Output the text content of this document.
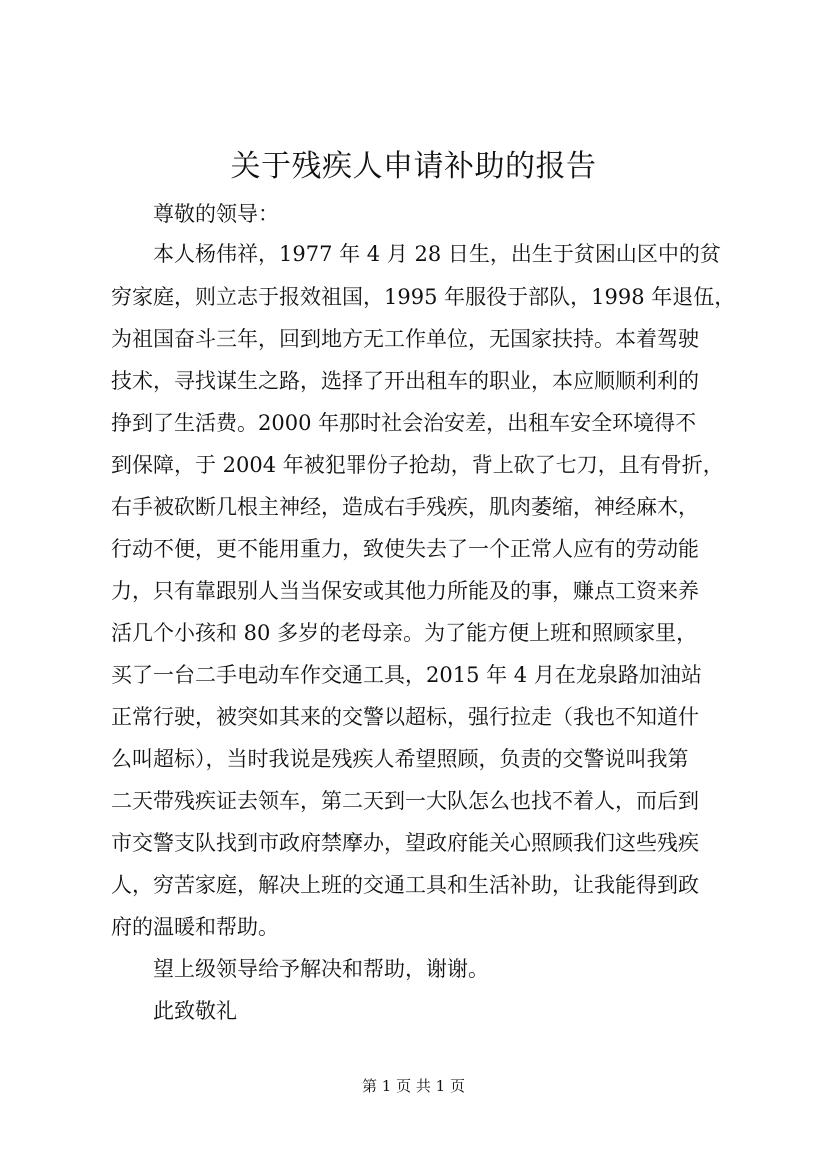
关于残疾人申请补助的报告
尊敬的领导：
本人杨伟祥，1977 年 4 月 28 日生，出生于贫困山区中的贫
穷家庭，则立志于报效祖国，1995 年服役于部队，1998 年退伍，
为祖国奋斗三年，回到地方无工作单位，无国家扶持。本着驾驶
技术，寻找谋生之路，选择了开出租车的职业，本应顺顺利利的
挣到了生活费。2000 年那时社会治安差，出租车安全环境得不
到保障，于 2004 年被犯罪份子抢劫，背上砍了七刀，且有骨折，
右手被砍断几根主神经，造成右手残疾，肌肉萎缩，神经麻木，
行动不便，更不能用重力，致使失去了一个正常人应有的劳动能
力，只有靠跟别人当当保安或其他力所能及的事，赚点工资来养
活几个小孩和 80 多岁的老母亲。为了能方便上班和照顾家里，
买了一台二手电动车作交通工具，2015 年 4 月在龙泉路加油站
正常行驶，被突如其来的交警以超标，强行拉走（我也不知道什
么叫超标），当时我说是残疾人希望照顾，负责的交警说叫我第
二天带残疾证去领车，第二天到一大队怎么也找不着人，而后到
市交警支队找到市政府禁摩办，望政府能关心照顾我们这些残疾
人，穷苦家庭，解决上班的交通工具和生活补助，让我能得到政
府的温暖和帮助。
望上级领导给予解决和帮助，谢谢。
此致敬礼
第 1 页 共 1 页
